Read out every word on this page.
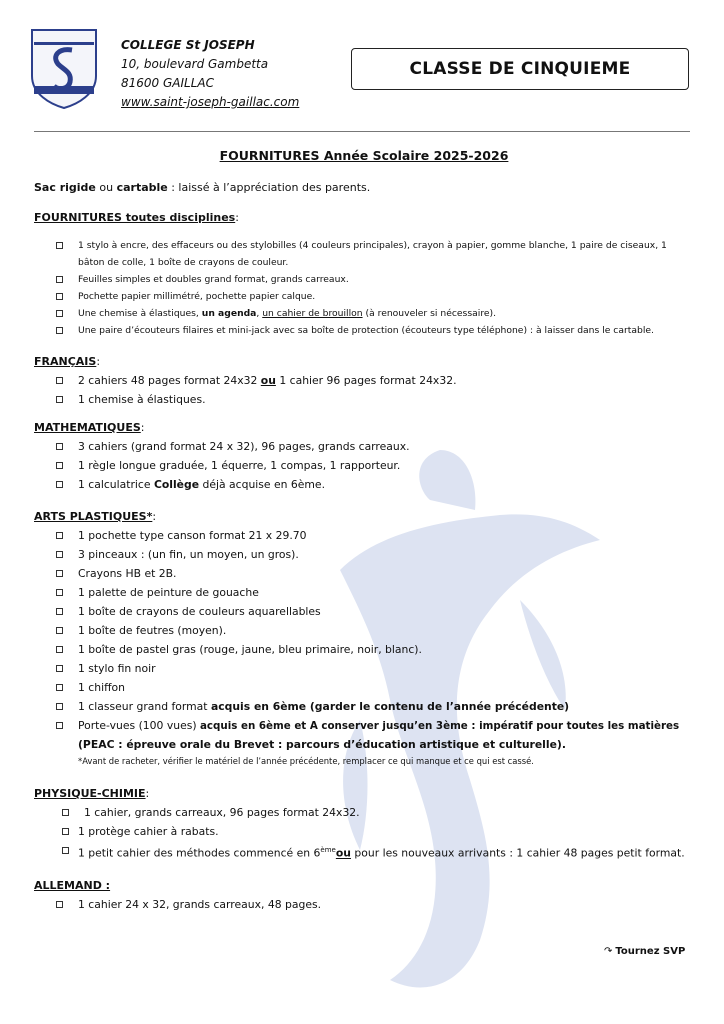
COLLEGE St JOSEPH
10, boulevard Gambetta
81600 GAILLAC
www.saint-joseph-gaillac.com
CLASSE DE CINQUIEME
FOURNITURES Année Scolaire 2025-2026
Sac rigide ou cartable : laissé à l’appréciation des parents.

FOURNITURES toutes disciplines:

1 stylo à encre, des effaceurs ou des stylobilles (4 couleurs principales), crayon à papier, gomme blanche, 1 paire de ciseaux, 1 bâton de colle, 1 boîte de crayons de couleur.
Feuilles simples et doubles grand format, grands carreaux.
Pochette papier millimétré, pochette papier calque.
Une chemise à élastiques, un agenda, un cahier de brouillon (à renouveler si nécessaire).
Une paire d’écouteurs filaires et mini-jack avec sa boîte de protection (écouteurs type téléphone) : à laisser dans le cartable.

FRANÇAIS:

2 cahiers 48 pages format 24x32 ou 1 cahier 96 pages format 24x32.
1 chemise à élastiques.

MATHEMATIQUES:

3 cahiers (grand format 24 x 32), 96 pages, grands carreaux.
1 règle longue graduée, 1 équerre, 1 compas, 1 rapporteur.
1 calculatrice Collège déjà acquise en 6ème.

ARTS PLASTIQUES*:

1 pochette type canson format 21 x 29.70
3 pinceaux : (un fin, un moyen, un gros).
Crayons HB et 2B.
1 palette de peinture de gouache
1 boîte de crayons de couleurs aquarellables
1 boîte de feutres (moyen).
1 boîte de pastel gras (rouge, jaune, bleu primaire, noir, blanc).
1 stylo fin noir
1 chiffon
1 classeur grand format acquis en 6ème (garder le contenu de l’année précédente)
Porte-vues (100 vues) acquis en 6ème et A conserver jusqu’en 3ème : impératif pour toutes les matières
(PEAC : épreuve orale du Brevet : parcours d’éducation artistique et culturelle).
*Avant de racheter, vérifier le matériel de l’année précédente, remplacer ce qui manque et ce qui est cassé.

PHYSIQUE-CHIMIE:

1 cahier, grands carreaux, 96 pages format 24x32.
1 protège cahier à rabats.
1 petit cahier des méthodes commencé en 6èmeou pour les nouveaux arrivants : 1 cahier 48 pages petit format.

ALLEMAND :

1 cahier 24 x 32, grands carreaux, 48 pages.
↷ Tournez SVP
